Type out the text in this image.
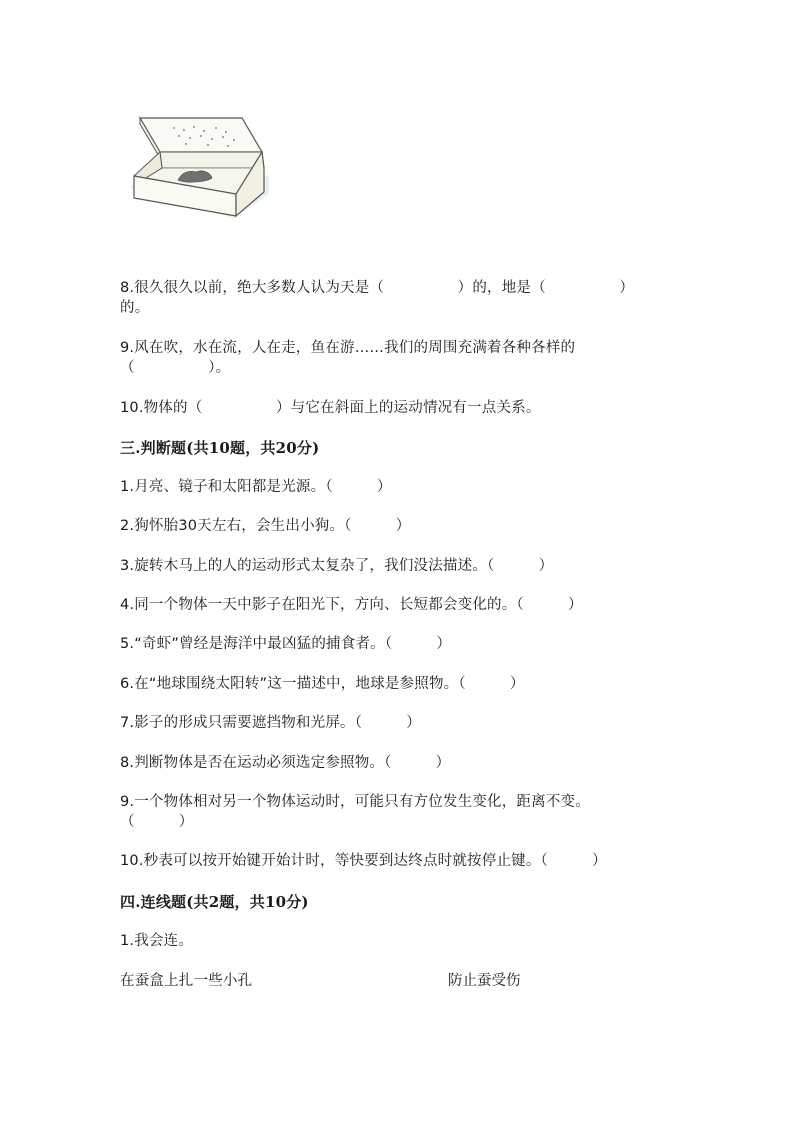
8.很久很久以前，绝大多数人认为天是（　　　　　）的，地是（　　　　　）
的。
9.风在吹，水在流，人在走，鱼在游……我们的周围充满着各种各样的
（　　　　　）。
10.物体的（　　　　　）与它在斜面上的运动情况有一点关系。
三.判断题(共10题，共20分)
1.月亮、镜子和太阳都是光源。（　　　）
2.狗怀胎30天左右，会生出小狗。（　　　）
3.旋转木马上的人的运动形式太复杂了，我们没法描述。（　　　）
4.同一个物体一天中影子在阳光下，方向、长短都会变化的。（　　　）
5.“奇虾”曾经是海洋中最凶猛的捕食者。（　　　）
6.在“地球围绕太阳转”这一描述中，地球是参照物。（　　　）
7.影子的形成只需要遮挡物和光屏。（　　　）
8.判断物体是否在运动必须选定参照物。（　　　）
9.一个物体相对另一个物体运动时，可能只有方位发生变化，距离不变。
（　　　）
10.秒表可以按开始键开始计时，等快要到达终点时就按停止键。（　　　）
四.连线题(共2题，共10分)
1.我会连。
在蚕盒上扎一些小孔	防止蚕受伤
